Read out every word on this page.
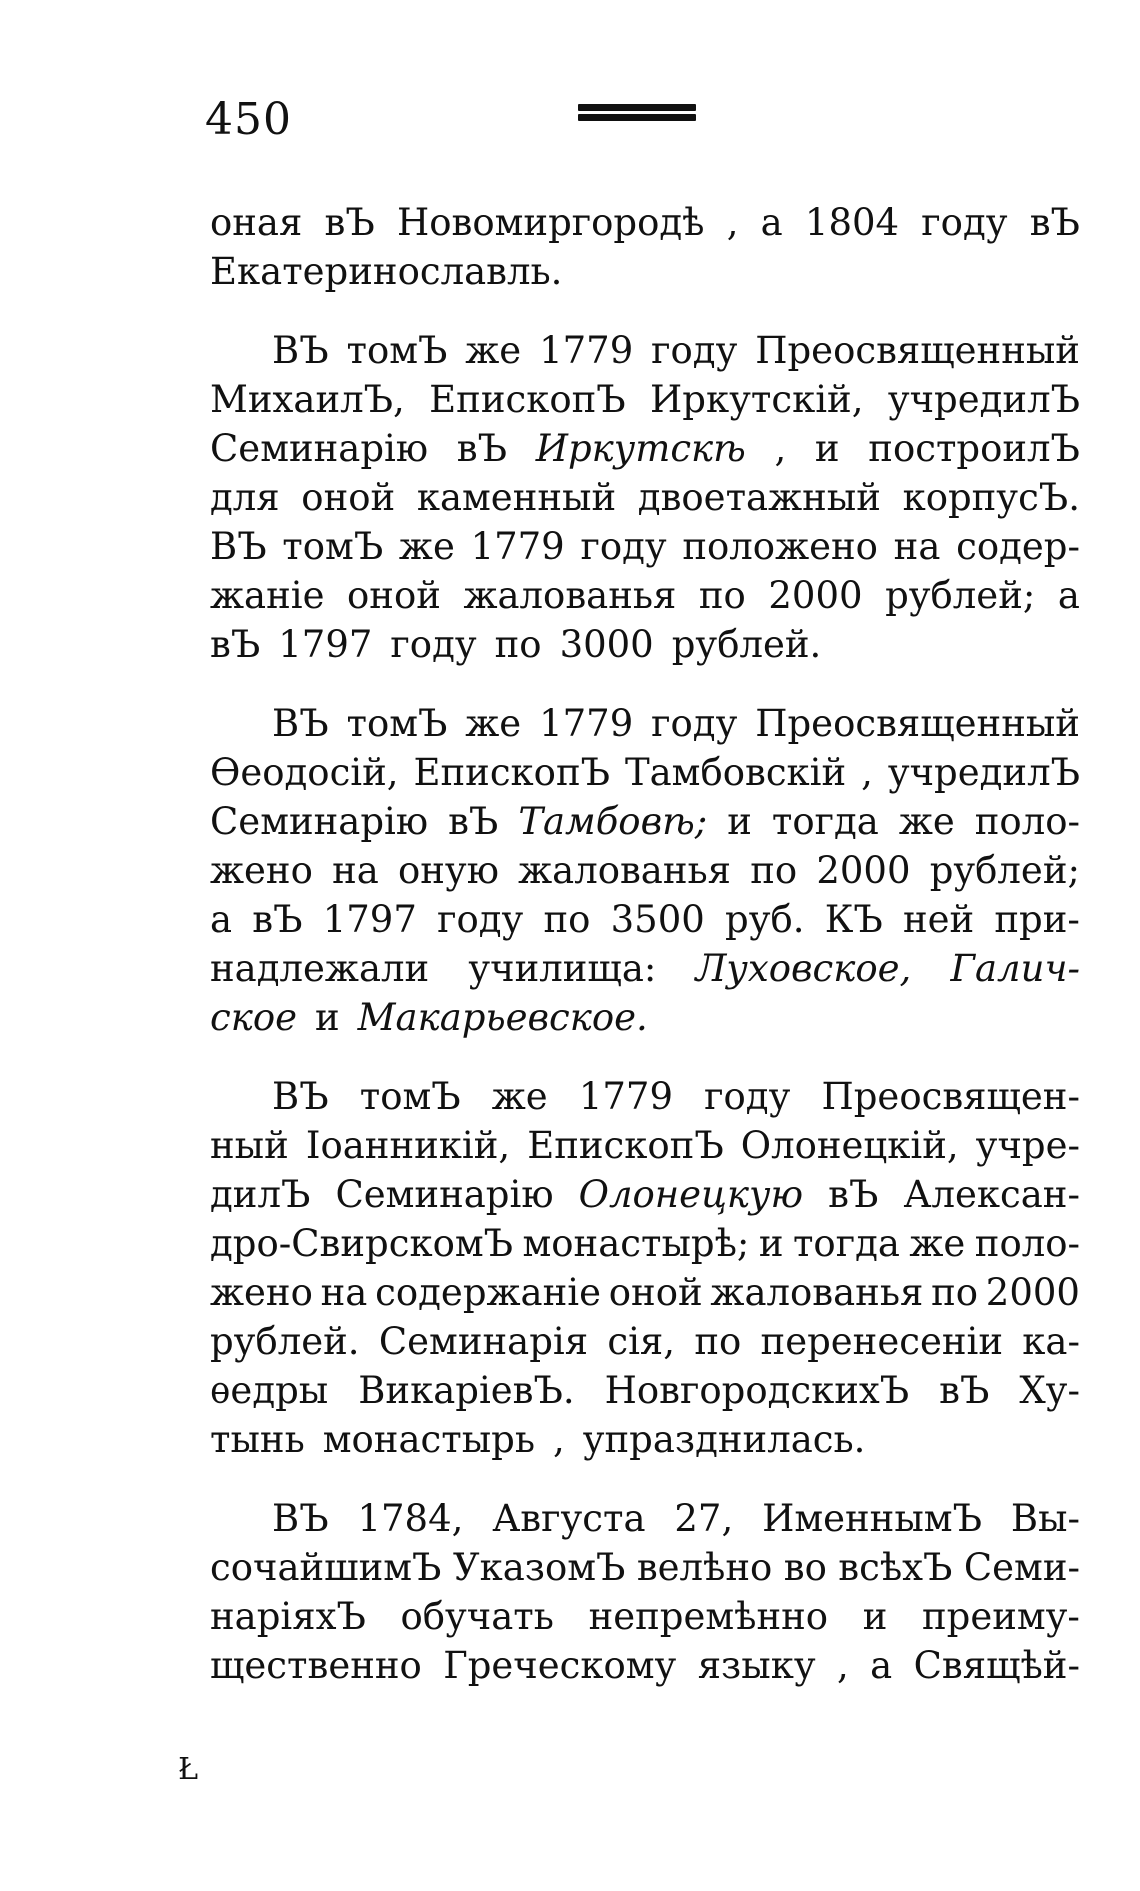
450
оная вЪ Новомиргородѣ , а 1804 году вЪ
Екатеринославль.
ВЪ томЪ же 1779 году Преосвященный
МихаилЪ, ЕпископЪ Иркутскій, учредилЪ
Семинарію вЪ Иркутскѣ , и построилЪ
для оной каменный двоетажный корпусЪ.
ВЪ томЪ же 1779 году положено на содер-
жаніе оной жалованья по 2000 рублей; а
вЪ 1797 году по 3000 рублей.
ВЪ томЪ же 1779 году Преосвященный
Ѳеодосій, ЕпископЪ Тамбовскій , учредилЪ
Семинарію вЪ Тамбовѣ; и тогда же поло-
жено на оную жалованья по 2000 рублей;
а вЪ 1797 году по 3500 руб. КЪ ней при-
надлежали училища: Луховское, Галич-
ское и Макарьевское.
ВЪ томЪ же 1779 году Преосвящен-
ный Іоанникій, ЕпископЪ Олонецкій, учре-
дилЪ Семинарію Олонецкую вЪ Алексан-
дро-СвирскомЪ монастырѣ; и тогда же поло-
жено на содержаніе оной жалованья по 2000
рублей. Семинарія сія, по перенесеніи ка-
ѳедры ВикаріевЪ. НовгородскихЪ вЪ Ху-
тынь монастырь , упразднилась.
ВЪ 1784, Августа 27, ИменнымЪ Вы-
сочайшимЪ УказомЪ велѣно во всѣхЪ Семи-
наріяхЪ обучать непремѣнно и преиму-
щественно Греческому языку , а Свящѣй-
Ł
